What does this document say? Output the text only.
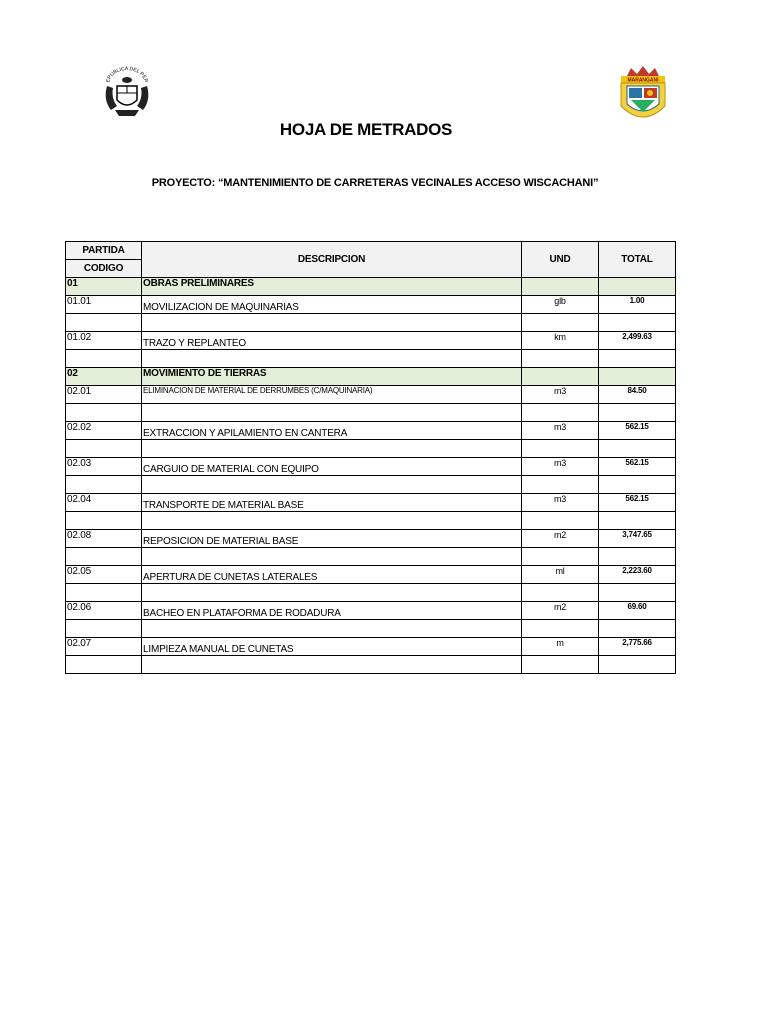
EPUBLICA DEL PER	MARANGANI
HOJA DE METRADOS
PROYECTO: “MANTENIMIENTO DE CARRETERAS VECINALES ACCESO WISCACHANI”
PARTIDA	DESCRIPCION	UND	TOTAL
CODIGO			
01	OBRAS PRELIMINARES		
01.01	MOVILIZACION DE MAQUINARIAS	glb	1.00

01.02	TRAZO Y REPLANTEO	km	2,499.63

02	MOVIMIENTO DE TIERRAS		
02.01	ELIMINACION DE MATERIAL DE DERRUMBES (C/MAQUINARIA)	m3	84.50

02.02	EXTRACCION Y APILAMIENTO EN CANTERA	m3	562.15

02.03	CARGUIO DE MATERIAL CON EQUIPO	m3	562.15

02.04	TRANSPORTE DE MATERIAL BASE	m3	562.15

02.08	REPOSICION DE MATERIAL BASE	m2	3,747.65

02.05	APERTURA DE CUNETAS LATERALES	ml	2,223.60

02.06	BACHEO EN PLATAFORMA DE RODADURA	m2	69.60

02.07	LIMPIEZA MANUAL DE CUNETAS	m	2,775.66
